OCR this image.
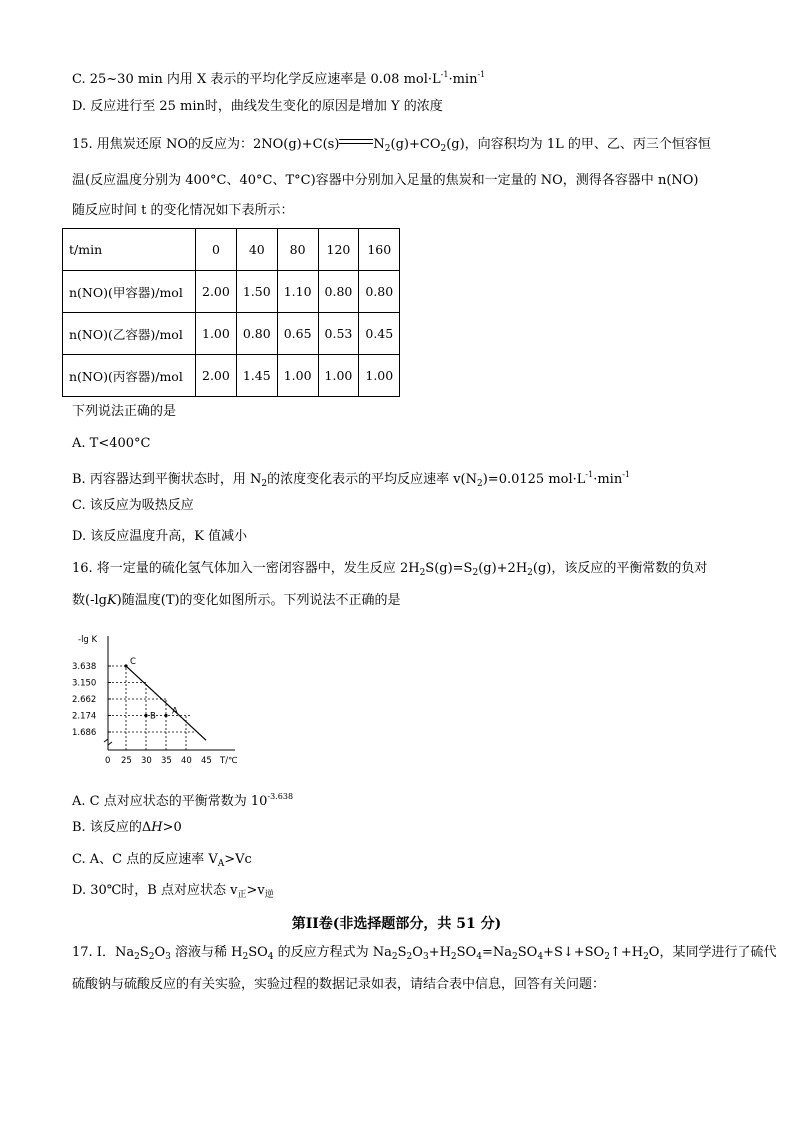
C. 25~30 min 内用 X 表示的平均化学反应速率是 0.08 $mol\cdot L^{-1}\cdot\min^{-1}$
D. 反应进行至 25 min时，曲线发生变化的原因是增加 Y 的浓度
15. 用焦炭还原 NO的反应为：2NO(g)+C(s)	$N_2(g)+CO_2(g)$，向容积均为 1L 的甲、乙、丙三个恒容恒
温(反应温度分别为 400°C、40°C、T°C)容器中分别加入足量的焦炭和一定量的 NO，测得各容器中 n(NO)
随反应时间 t 的变化情况如下表所示：
t/min	0	40	80	120	160
n(NO)(甲容器)/mol	2.00	1.50	1.10	0.80	0.80
n(NO)(乙容器)/mol	1.00	0.80	0.65	0.53	0.45
n(NO)(丙容器)/mol	2.00	1.45	1.00	1.00	1.00
下列说法正确的是
A. T<400°C
B. 丙容器达到平衡状态时，用 $N_2$的浓度变化表示的平均反应速率 $v(N_2)=0.0125$ $mol\cdot L^{-1}\cdot\min^{-1}$
C. 该反应为吸热反应
D. 该反应温度升高，K 值减小
16. 将一定量的硫化氢气体加入一密闭容器中，发生反应 $2H_2S(g)=S_2(g)+2H_2(g)$，该反应的平衡常数的负对
数(-lgK)随温度(T)的变化如图所示。下列说法不正确的是
-lg K
T/℃
3.638
3.150
2.662
2.174
1.686
0 25 30 35 40 45
C
A
B
A. C 点对应状态的平衡常数为 $10^{-3.638}$
B. 该反应的ΔH>0
C. A、C 点的反应速率 $V_A>Vc$
D. 30℃时，B 点对应状态 $v_正>v_逆$
第II卷(非选择题部分，共 51 分)
17. I．$Na_2S_2O_3$ 溶液与稀 $H_2SO_4$ 的反应方程式为 $Na_2S_2O_3+H_2SO_4=Na_2SO_4+S↓+SO_2↑+H_2O$，某同学进行了硫代
硫酸钠与硫酸反应的有关实验，实验过程的数据记录如表，请结合表中信息，回答有关问题：
